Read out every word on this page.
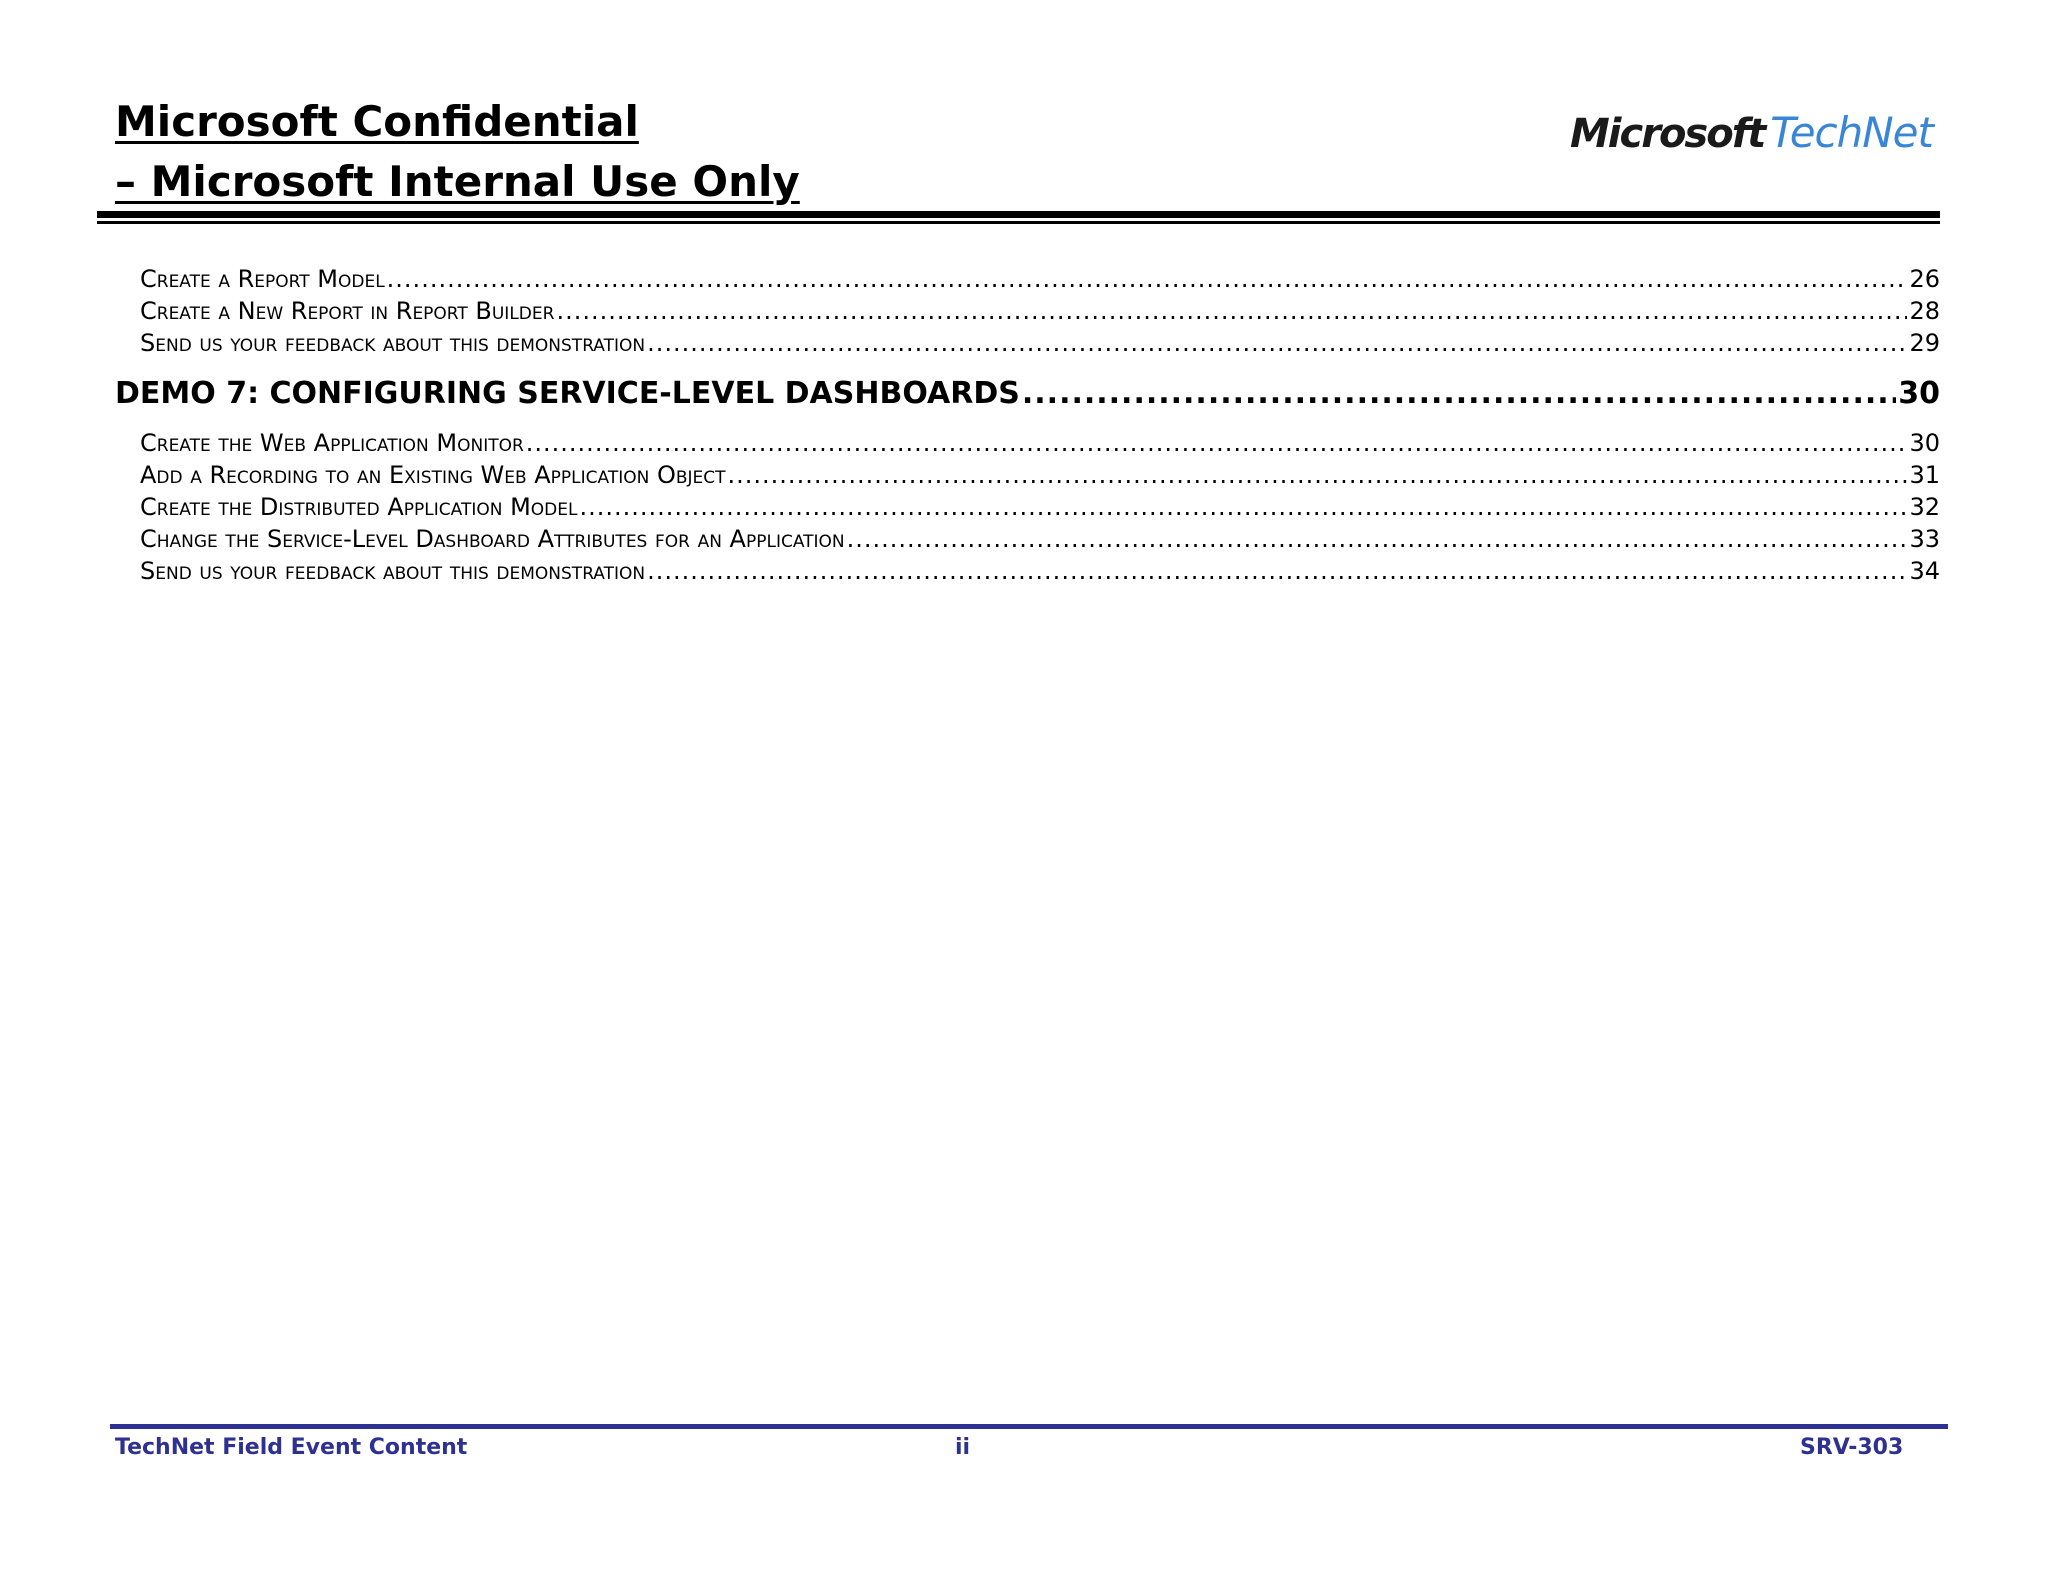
Microsoft Confidential
– Microsoft Internal Use Only
Microsoft TechNet
Create a Report Model .....	26
Create a New Report in Report Builder .....	28
Send us your feedback about this demonstration .....	29
DEMO 7: CONFIGURING SERVICE-LEVEL DASHBOARDS .....	30
Create the Web Application Monitor .....	30
Add a Recording to an Existing Web Application Object .....	31
Create the Distributed Application Model .....	32
Change the Service-Level Dashboard Attributes for an Application .....	33
Send us your feedback about this demonstration .....	34
TechNet Field Event Content	ii	SRV-303
